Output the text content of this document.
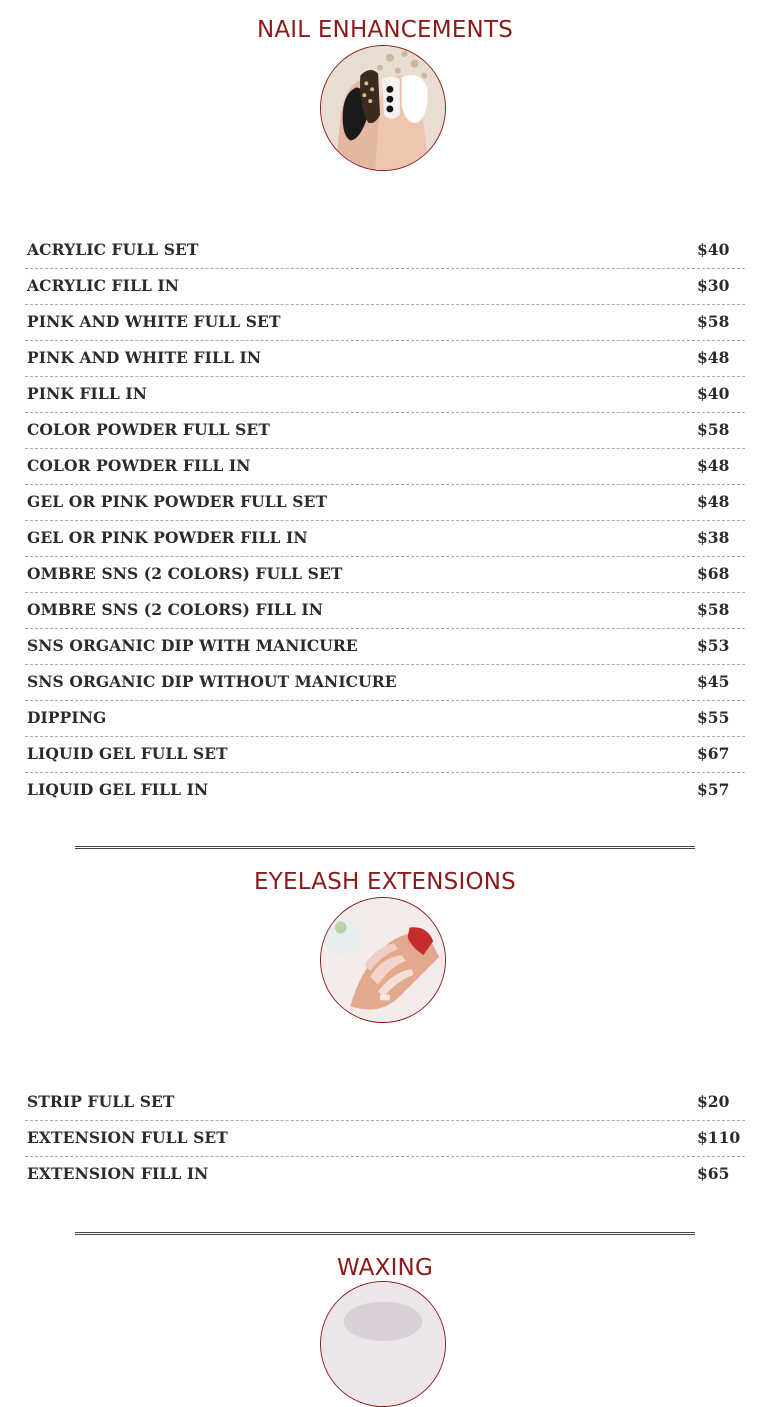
NAIL ENHANCEMENTS
ACRYLIC FULL SET	$40
ACRYLIC FILL IN	$30
PINK AND WHITE FULL SET	$58
PINK AND WHITE FILL IN	$48
PINK FILL IN	$40
COLOR POWDER FULL SET	$58
COLOR POWDER FILL IN	$48
GEL OR PINK POWDER FULL SET	$48
GEL OR PINK POWDER FILL IN	$38
OMBRE SNS (2 COLORS) FULL SET	$68
OMBRE SNS (2 COLORS) FILL IN	$58
SNS ORGANIC DIP WITH MANICURE	$53
SNS ORGANIC DIP WITHOUT MANICURE	$45
DIPPING	$55
LIQUID GEL FULL SET	$67
LIQUID GEL FILL IN	$57
EYELASH EXTENSIONS
STRIP FULL SET	$20
EXTENSION FULL SET	$110
EXTENSION FILL IN	$65
WAXING
